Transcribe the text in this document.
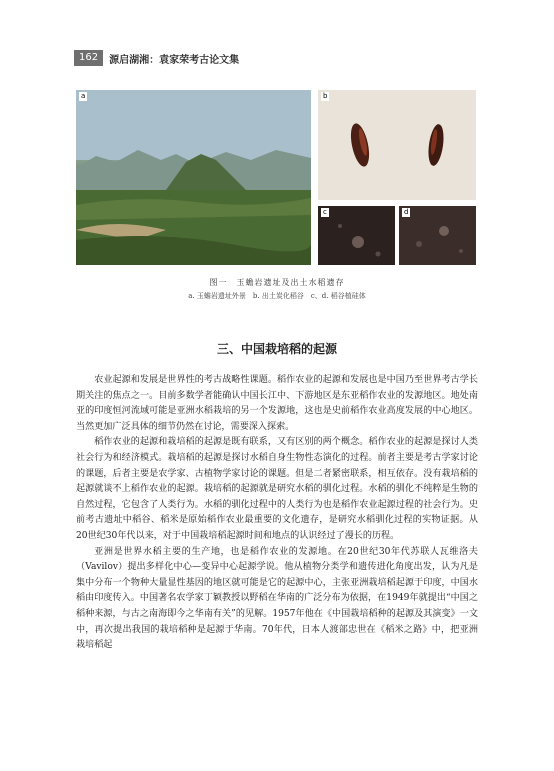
162	源启湖湘：袁家荣考古论文集
a	b
c	d
图一　玉蟾岩遗址及出土水稻遗存
a. 玉蟾岩遗址外景　b. 出土炭化稻谷　c、d. 稻谷植硅体
三、中国栽培稻的起源

农业起源和发展是世界性的考古战略性课题。稻作农业的起源和发展也是中国乃至世界考古学长期关注的焦点之一。目前多数学者能确认中国长江中、下游地区是东亚稻作农业的发源地区。地处南亚的印度恒河流域可能是亚洲水稻栽培的另一个发源地，这也是史前稻作农业高度发展的中心地区。当然更加广泛具体的细节仍然在讨论，需要深入探索。

稻作农业的起源和栽培稻的起源是既有联系，又有区别的两个概念。稻作农业的起源是探讨人类社会行为和经济模式。栽培稻的起源是探讨水稻自身生物性态演化的过程。前者主要是考古学家讨论的课题，后者主要是农学家、古植物学家讨论的课题。但是二者紧密联系，相互依存。没有栽培稻的起源就谈不上稻作农业的起源。栽培稻的起源就是研究水稻的驯化过程。水稻的驯化不纯粹是生物的自然过程，它包含了人类行为。水稻的驯化过程中的人类行为也是稻作农业起源过程的社会行为。史前考古遗址中稻谷、稻米是原始稻作农业最重要的文化遗存，是研究水稻驯化过程的实物证据。从20世纪30年代以来，对于中国栽培稻起源时间和地点的认识经过了漫长的历程。

亚洲是世界水稻主要的生产地，也是稻作农业的发源地。在20世纪30年代苏联人瓦维洛夫（Vavilov）提出多样化中心—变异中心起源学说。他从植物分类学和遗传进化角度出发，认为凡是集中分布一个物种大量显性基因的地区就可能是它的起源中心，主张亚洲栽培稻起源于印度，中国水稻由印度传入。中国著名农学家丁颖教授以野稻在华南的广泛分布为依据，在1949年就提出“中国之稻种来源，与古之南海即今之华南有关”的见解。1957年他在《中国栽培稻种的起源及其演变》一文中，再次提出我国的栽培稻种是起源于华南。70年代，日本人渡部忠世在《稻米之路》中，把亚洲栽培稻起
